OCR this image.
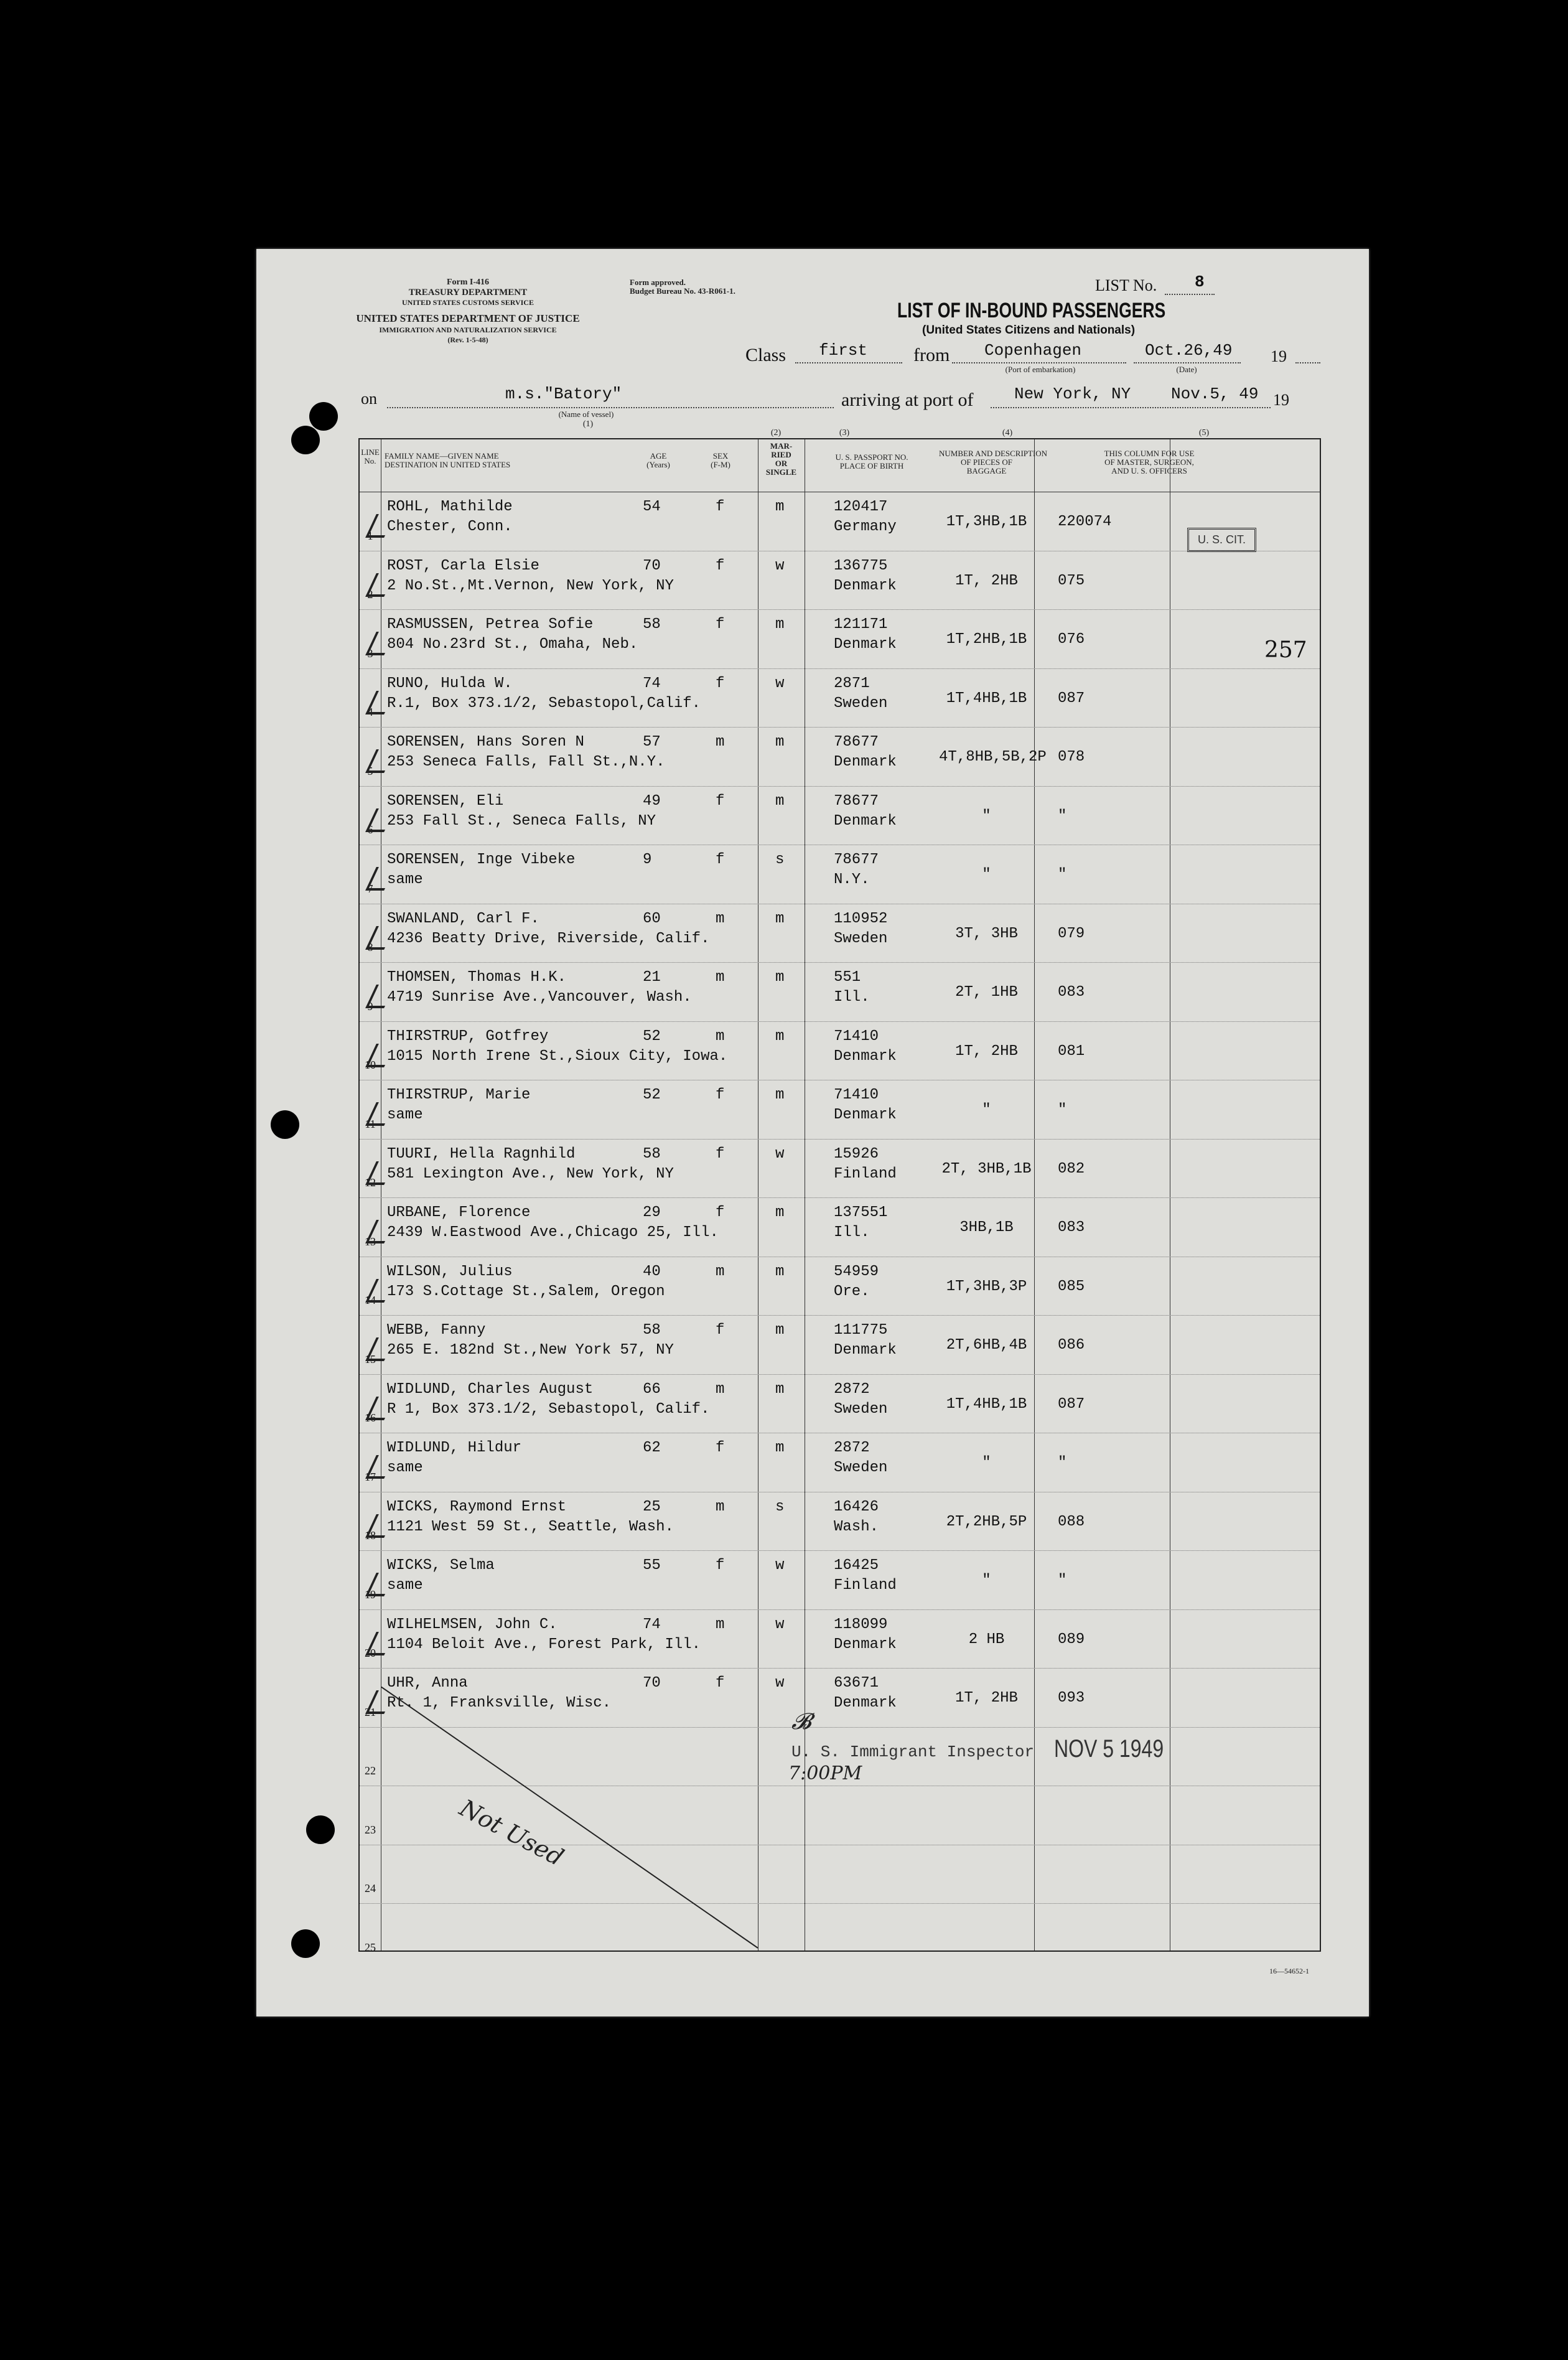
Form I-416
TREASURY DEPARTMENT
UNITED STATES CUSTOMS SERVICE
UNITED STATES DEPARTMENT OF JUSTICE
IMMIGRATION AND NATURALIZATION SERVICE
(Rev. 1-5-48)
Form approved.
Budget Bureau No. 43-R061-1.	LIST No. 8
LIST OF IN-BOUND PASSENGERS
(United States Citizens and Nationals)
Class first from Copenhagen
(Port of embarkation)
Oct.26,49
(Date)
19
on	m.s."Batory"
(Name of vessel)
arriving at port of	New York, NY Nov.5, 49 19
(1)
(2)	(3)	(4)	(5)
LINE No.
FAMILY NAME—GIVEN NAME
DESTINATION IN UNITED STATES
AGE
(Years)
SEX
(F-M)
MAR-
RIED
OR
SINGLE
U. S. PASSPORT NO.
PLACE OF BIRTH
NUMBER AND DESCRIPTION
OF PIECES OF
BAGGAGE
THIS COLUMN FOR USE
OF MASTER, SURGEON,
AND U. S. OFFICERS
1
ROHL, Mathilde
Chester, Conn.
54	f	m	120417
Germany	1T,3HB,1B	220074
2
ROST, Carla Elsie
2 No.St.,Mt.Vernon, New York, NY
70	f	w	136775
Denmark	1T, 2HB	075
3
RASMUSSEN, Petrea Sofie
804 No.23rd St., Omaha, Neb.
58	f	m	121171
Denmark	1T,2HB,1B	076
4
RUNO, Hulda W.
R.1, Box 373.1/2, Sebastopol,Calif.
74	f	w	2871
Sweden	1T,4HB,1B	087
5
SORENSEN, Hans Soren N
253 Seneca Falls, Fall St.,N.Y.
57	m	m	78677
Denmark	4T,8HB,5B,2P 078
6
SORENSEN, Eli
253 Fall St., Seneca Falls, NY
49	f	m	78677
Denmark	"	"
7
SORENSEN, Inge Vibeke
same
9	f	s	78677
N.Y.	"	"
8
SWANLAND, Carl F.
4236 Beatty Drive, Riverside, Calif.
60	m	m	110952
Sweden	3T, 3HB	079
9
THOMSEN, Thomas H.K.
4719 Sunrise Ave.,Vancouver, Wash.
21	m	m	551
Ill.	2T, 1HB	083
10
THIRSTRUP, Gotfrey
1015 North Irene St.,Sioux City, Iowa.
52	m	m	71410
Denmark	1T, 2HB	081
11
THIRSTRUP, Marie
same
52	f	m	71410
Denmark	"	"
12
TUURI, Hella Ragnhild
581 Lexington Ave., New York, NY
58	f	w	15926
Finland	2T, 3HB,1B 082
13
URBANE, Florence
2439 W.Eastwood Ave.,Chicago 25, Ill.
29	f	m	137551
Ill.	3HB,1B	083
14
WILSON, Julius
173 S.Cottage St.,Salem, Oregon
40	m	m	54959
Ore.	1T,3HB,3P	085
15
WEBB, Fanny
265 E. 182nd St.,New York 57, NY
58	f	m	111775
Denmark	2T,6HB,4B	086
16
WIDLUND, Charles August
R 1, Box 373.1/2, Sebastopol, Calif.
66	m	m	2872
Sweden	1T,4HB,1B	087
17
WIDLUND, Hildur
same
62	f	m	2872
Sweden	"	"
18
WICKS, Raymond Ernst
1121 West 59 St., Seattle, Wash.
25	m	s	16426
Wash.	2T,2HB,5P	088
19
WICKS, Selma
same
55	f	w	16425
Finland	"	"
20
WILHELMSEN, John C.
1104 Beloit Ave., Forest Park, Ill.
74	m	w	118099
Denmark	2 HB	089
21
UHR, Anna
Rt. 1, Franksville, Wisc.
70	f	w	63671
Denmark	1T, 2HB	093
22
23
24
25
U. S. CIT.
257
U. S. Immigrant Inspector
𝓑
7:00PM
NOV 5 1949
Not Used
16—54652-1
